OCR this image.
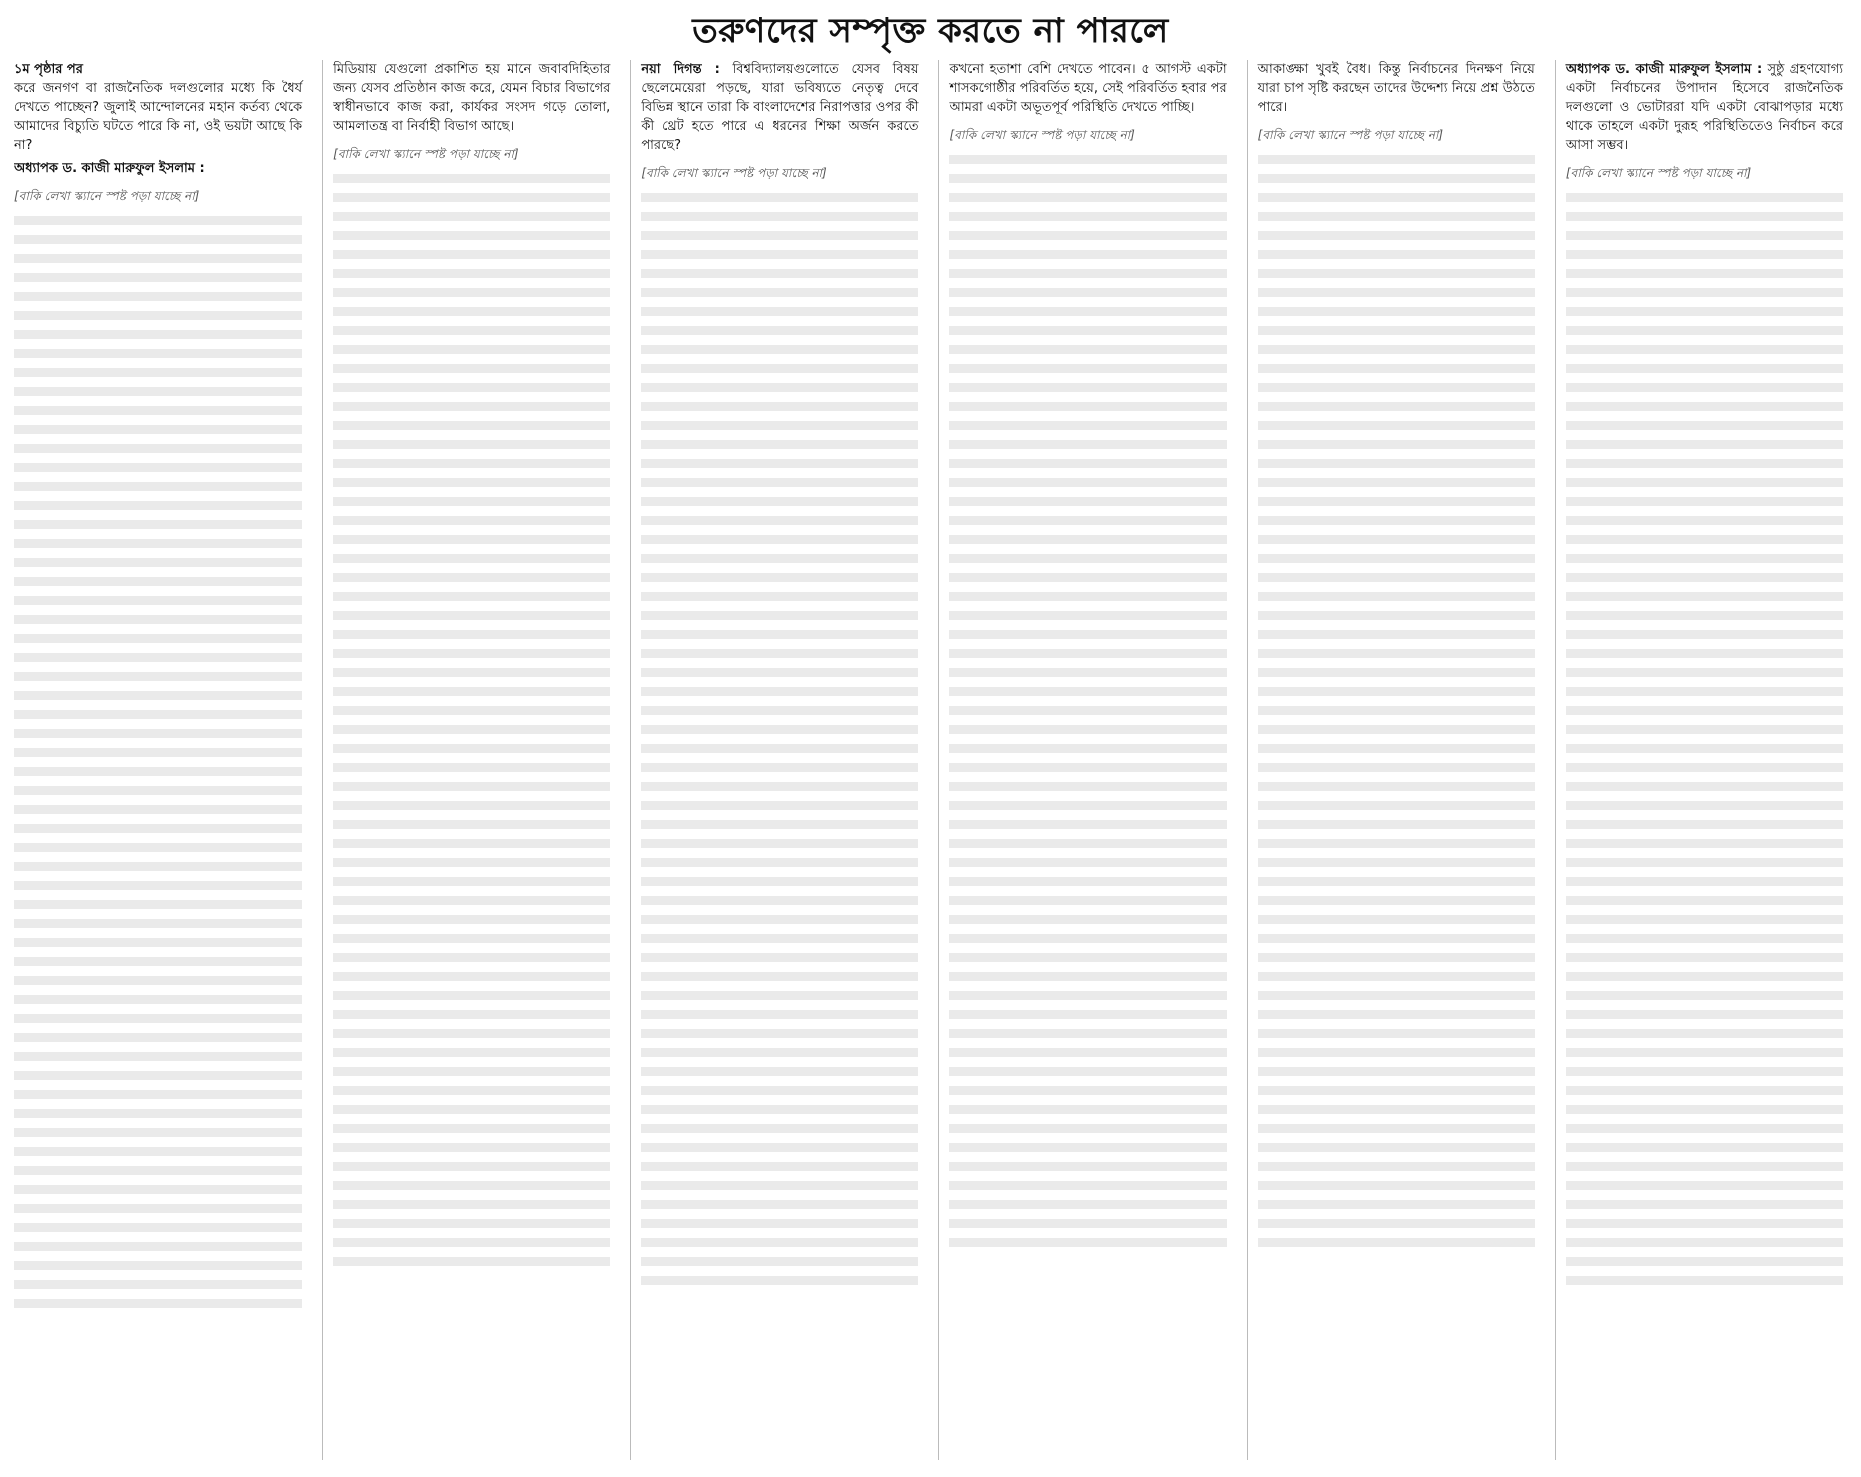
তরুণদের সম্পৃক্ত করতে না পারলে

১ম পৃষ্ঠার পর
করে জনগণ বা রাজনৈতিক দলগুলোর মধ্যে কি ধৈর্য দেখতে পাচ্ছেন? জুলাই আন্দোলনের মহান কর্তব্য থেকে আমাদের বিচ্যুতি ঘটতে পারে কি না, ওই ভয়টা আছে কি না?

অধ্যাপক ড. কাজী মারুফুল ইসলাম :

[বাকি লেখা স্ক্যানে স্পষ্ট পড়া যাচ্ছে না]

মিডিয়ায় যেগুলো প্রকাশিত হয় মানে জবাবদিহিতার জন্য যেসব প্রতিষ্ঠান কাজ করে, যেমন বিচার বিভাগের স্বাধীনভাবে কাজ করা, কার্যকর সংসদ গড়ে তোলা, আমলাতন্ত্র বা নির্বাহী বিভাগ আছে।

[বাকি লেখা স্ক্যানে স্পষ্ট পড়া যাচ্ছে না]

নয়া দিগন্ত : বিশ্ববিদ্যালয়গুলোতে যেসব বিষয় ছেলেমেয়েরা পড়ছে, যারা ভবিষ্যতে নেতৃত্ব দেবে বিভিন্ন স্থানে তারা কি বাংলাদেশের নিরাপত্তার ওপর কী কী থ্রেট হতে পারে এ ধরনের শিক্ষা অর্জন করতে পারছে?

[বাকি লেখা স্ক্যানে স্পষ্ট পড়া যাচ্ছে না]

কখনো হতাশা বেশি দেখতে পাবেন। ৫ আগস্ট একটা শাসকগোষ্ঠীর পরিবর্তিত হয়ে, সেই পরিবর্তিত হবার পর আমরা একটা অভূতপূর্ব পরিস্থিতি দেখতে পাচ্ছি।

[বাকি লেখা স্ক্যানে স্পষ্ট পড়া যাচ্ছে না]

আকাঙ্ক্ষা খুবই বৈধ। কিন্তু নির্বাচনের দিনক্ষণ নিয়ে যারা চাপ সৃষ্টি করছেন তাদের উদ্দেশ্য নিয়ে প্রশ্ন উঠতে পারে।

[বাকি লেখা স্ক্যানে স্পষ্ট পড়া যাচ্ছে না]

অধ্যাপক ড. কাজী মারুফুল ইসলাম : সুষ্ঠু গ্রহণযোগ্য একটা নির্বাচনের উপাদান হিসেবে রাজনৈতিক দলগুলো ও ভোটাররা যদি একটা বোঝাপড়ার মধ্যে থাকে তাহলে একটা দুরূহ পরিস্থিতিতেও নির্বাচন করে আসা সম্ভব।

[বাকি লেখা স্ক্যানে স্পষ্ট পড়া যাচ্ছে না]
